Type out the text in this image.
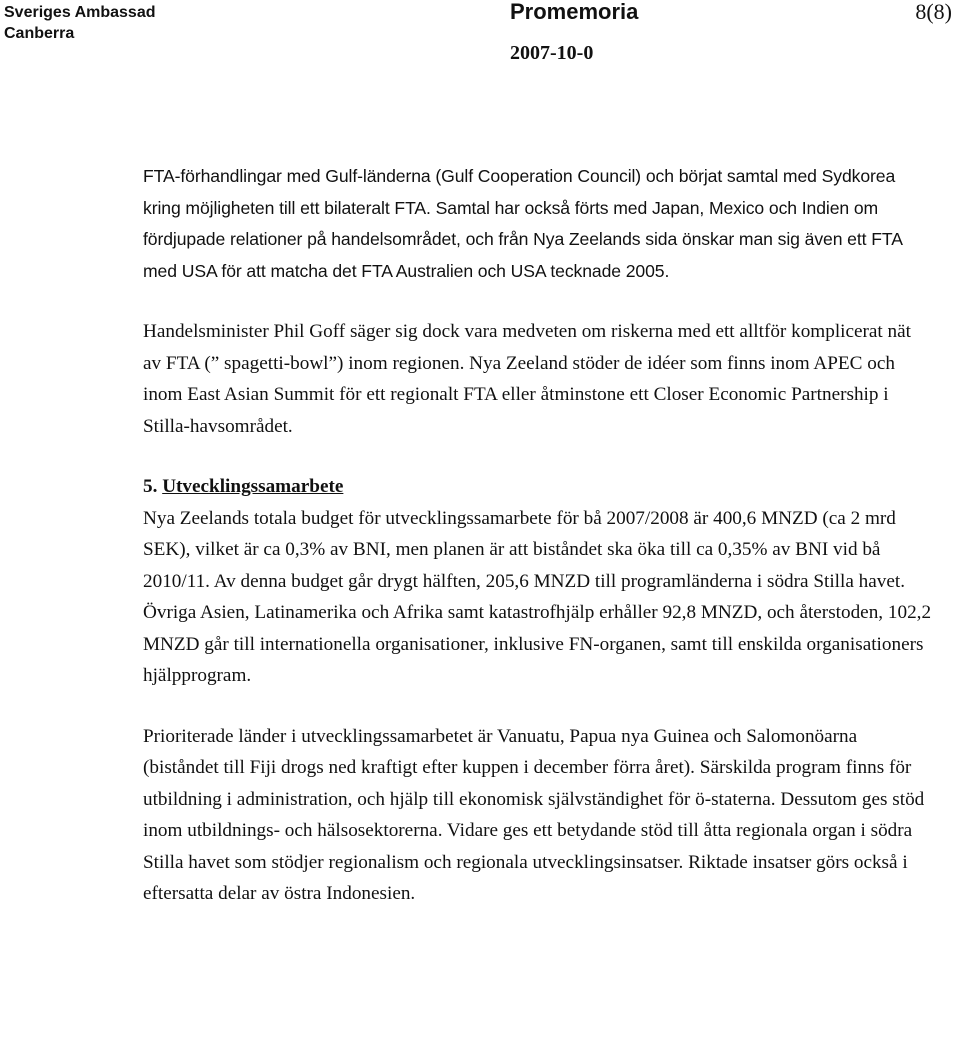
Sveriges Ambassad
Canberra
Promemoria	8(8)
2007-10-0

FTA-förhandlingar med Gulf-länderna (Gulf Cooperation Council) och börjat samtal med Sydkorea kring möjligheten till ett bilateralt FTA. Samtal har också förts med Japan, Mexico och Indien om fördjupade relationer på handelsområdet, och från Nya Zeelands sida önskar man sig även ett FTA med USA för att matcha det FTA Australien och USA tecknade 2005.

Handelsminister Phil Goff säger sig dock vara medveten om riskerna med ett alltför komplicerat nät av FTA (” spagetti-bowl”) inom regionen. Nya Zeeland stöder de idéer som finns inom APEC och inom East Asian Summit för ett regionalt FTA eller åtminstone ett Closer Economic Partnership i Stilla-havsområdet.

5. Utvecklingssamarbete

Nya Zeelands totala budget för utvecklingssamarbete för bå 2007/2008 är 400,6 MNZD (ca 2 mrd SEK), vilket är ca 0,3% av BNI, men planen är att biståndet ska öka till ca 0,35% av BNI vid bå 2010/11. Av denna budget går drygt hälften, 205,6 MNZD till programländerna i södra Stilla havet. Övriga Asien, Latinamerika och Afrika samt katastrofhjälp erhåller 92,8 MNZD, och återstoden, 102,2 MNZD går till internationella organisationer, inklusive FN-organen, samt till enskilda organisationers hjälpprogram.

Prioriterade länder i utvecklingssamarbetet är Vanuatu, Papua nya Guinea och Salomonöarna (biståndet till Fiji drogs ned kraftigt efter kuppen i december förra året). Särskilda program finns för utbildning i administration, och hjälp till ekonomisk självständighet för ö-staterna. Dessutom ges stöd inom utbildnings- och hälsosektorerna. Vidare ges ett betydande stöd till åtta regionala organ i södra Stilla havet som stödjer regionalism och regionala utvecklingsinsatser. Riktade insatser görs också i eftersatta delar av östra Indonesien.
